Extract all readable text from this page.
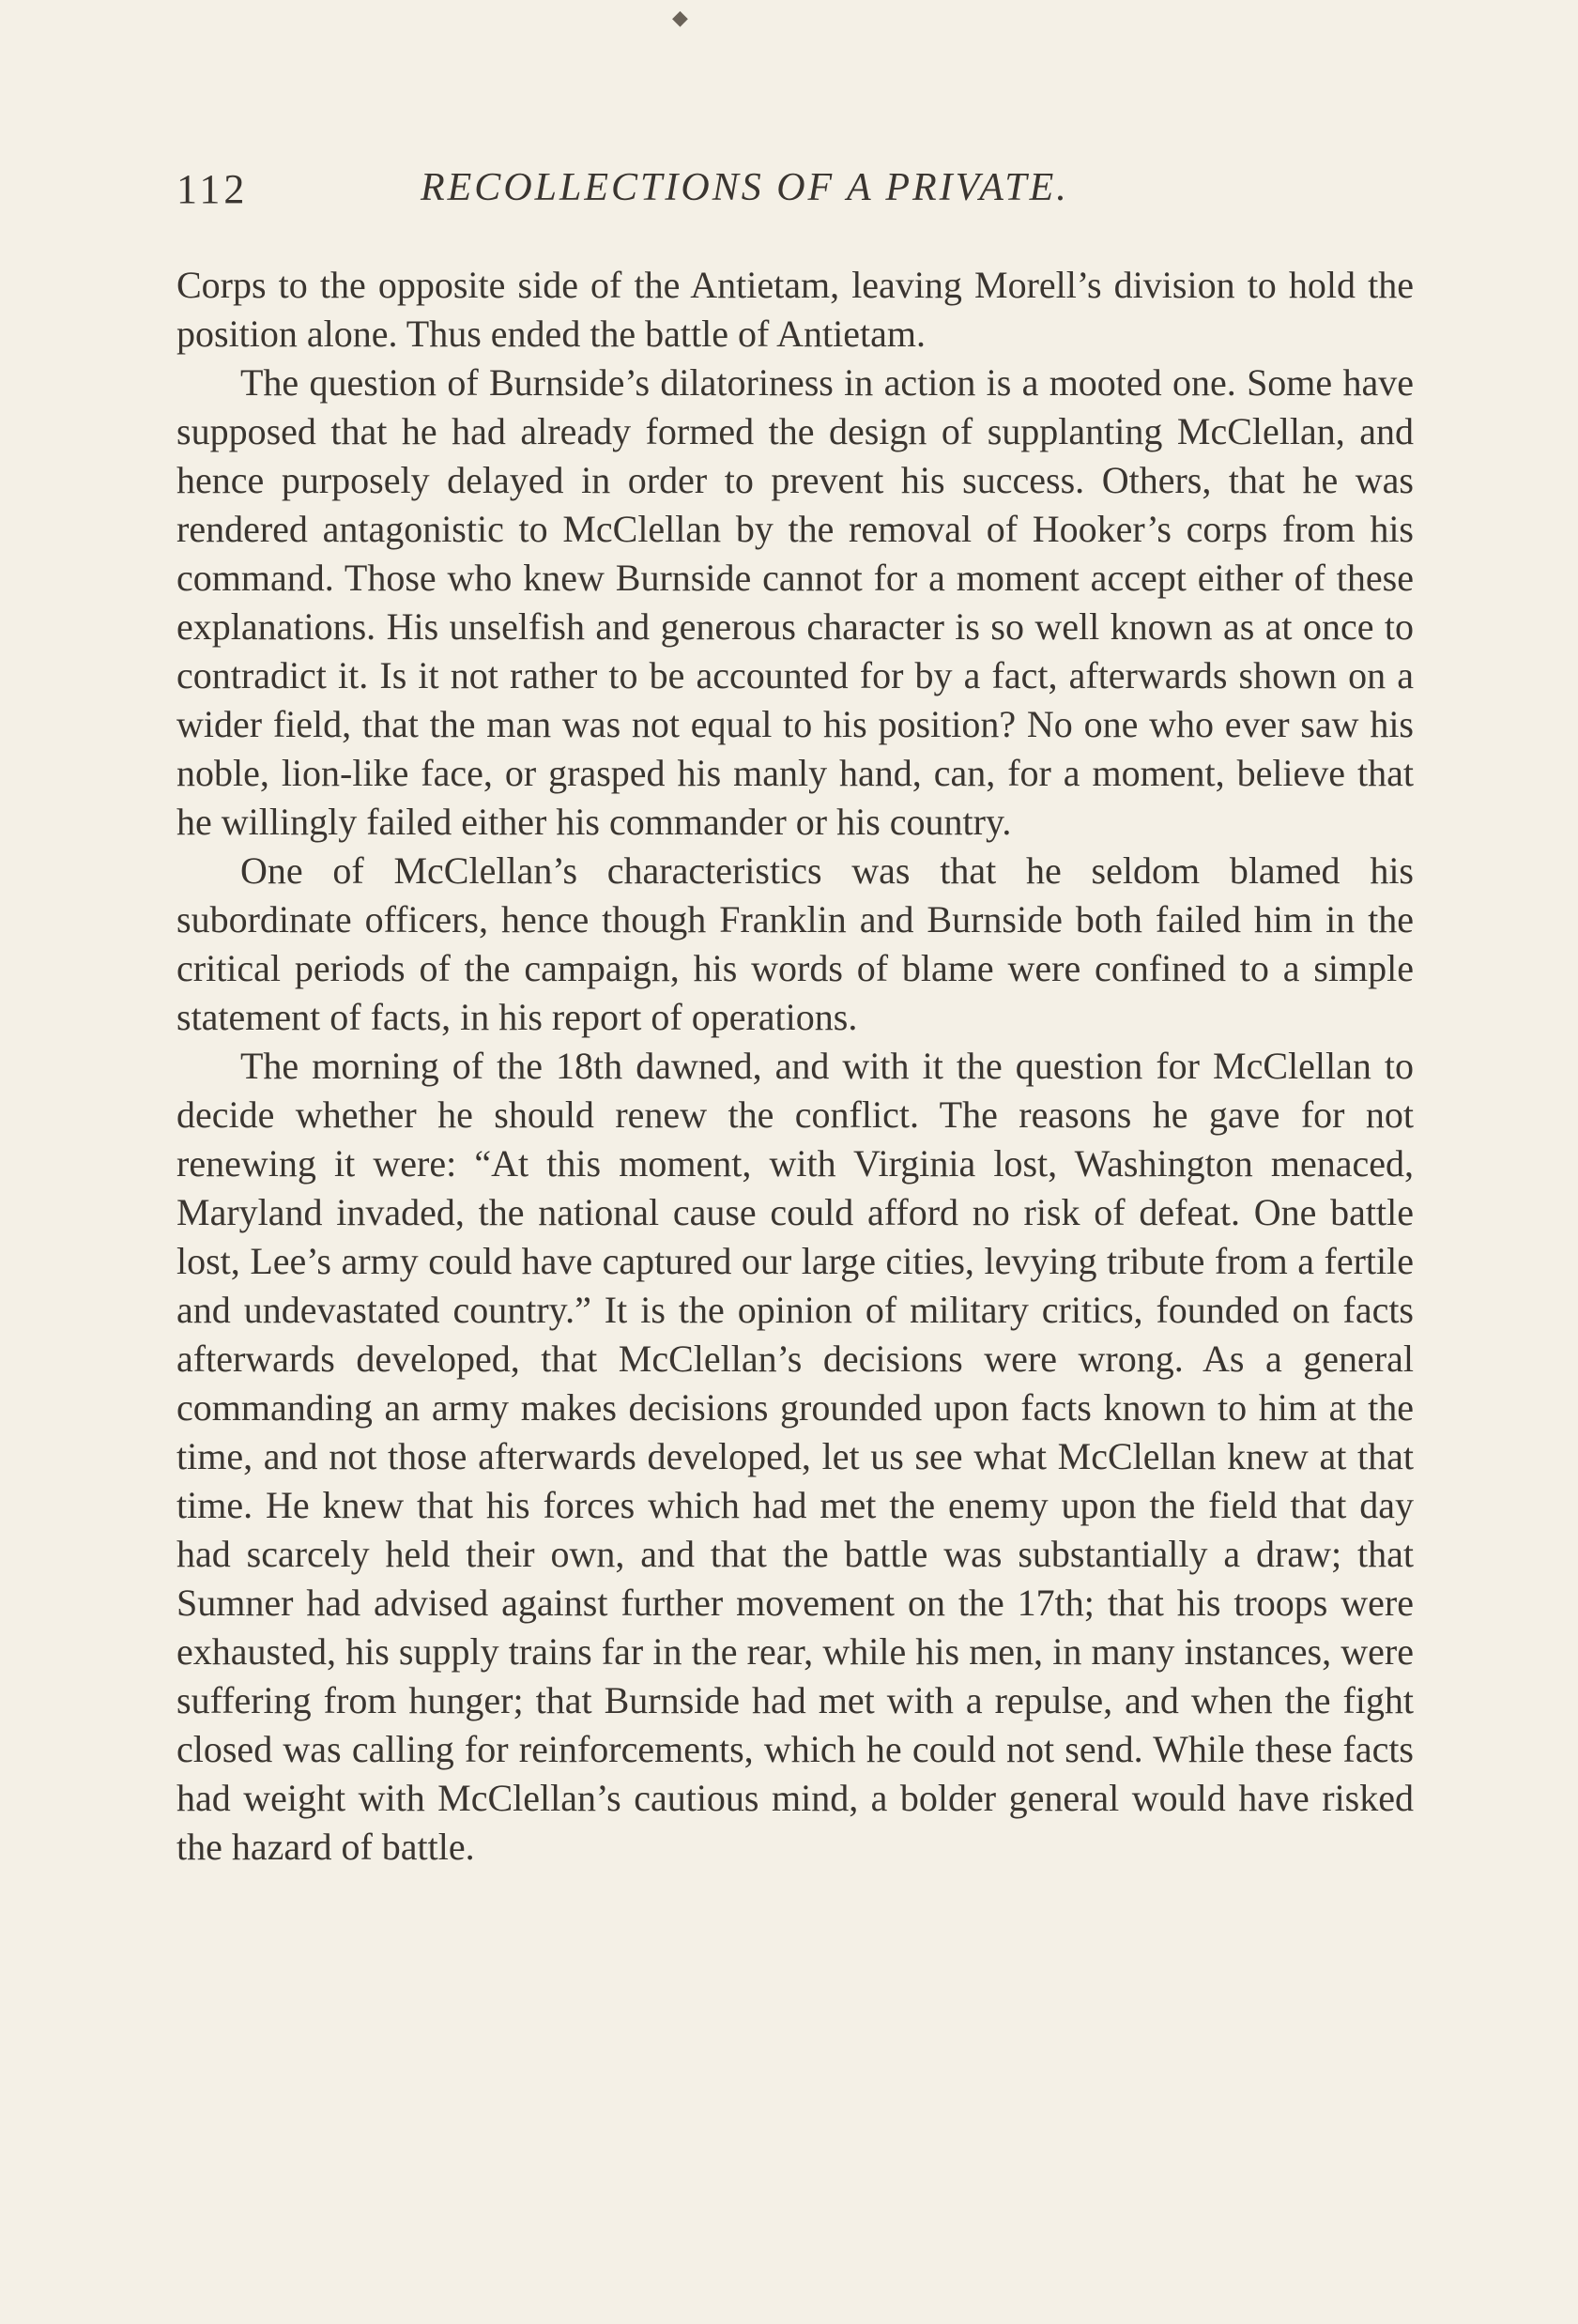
◆
112	RECOLLECTIONS OF A PRIVATE.

Corps to the opposite side of the Antietam, leaving Morell’s division to hold the position alone. Thus ended the battle of Antietam.

The question of Burnside’s dilatoriness in action is a mooted one. Some have supposed that he had already formed the design of supplanting McClellan, and hence purposely delayed in order to prevent his success. Others, that he was rendered antagonistic to McClellan by the removal of Hooker’s corps from his command. Those who knew Burnside cannot for a moment accept either of these explanations. His unselfish and generous character is so well known as at once to contradict it. Is it not rather to be accounted for by a fact, afterwards shown on a wider field, that the man was not equal to his position? No one who ever saw his noble, lion-like face, or grasped his manly hand, can, for a moment, believe that he willingly failed either his commander or his country.

One of McClellan’s characteristics was that he seldom blamed his subordinate officers, hence though Franklin and Burnside both failed him in the critical periods of the campaign, his words of blame were confined to a simple statement of facts, in his report of operations.

The morning of the 18th dawned, and with it the question for McClellan to decide whether he should renew the conflict. The reasons he gave for not renewing it were: “At this moment, with Virginia lost, Washington menaced, Maryland invaded, the national cause could afford no risk of defeat. One battle lost, Lee’s army could have captured our large cities, levying tribute from a fertile and undevastated country.” It is the opinion of military critics, founded on facts afterwards developed, that McClellan’s decisions were wrong. As a general commanding an army makes decisions grounded upon facts known to him at the time, and not those afterwards developed, let us see what McClellan knew at that time. He knew that his forces which had met the enemy upon the field that day had scarcely held their own, and that the battle was substantially a draw; that Sumner had advised against further movement on the 17th; that his troops were exhausted, his supply trains far in the rear, while his men, in many instances, were suffering from hunger; that Burnside had met with a repulse, and when the fight closed was calling for reinforcements, which he could not send. While these facts had weight with McClellan’s cautious mind, a bolder general would have risked the hazard of battle.
